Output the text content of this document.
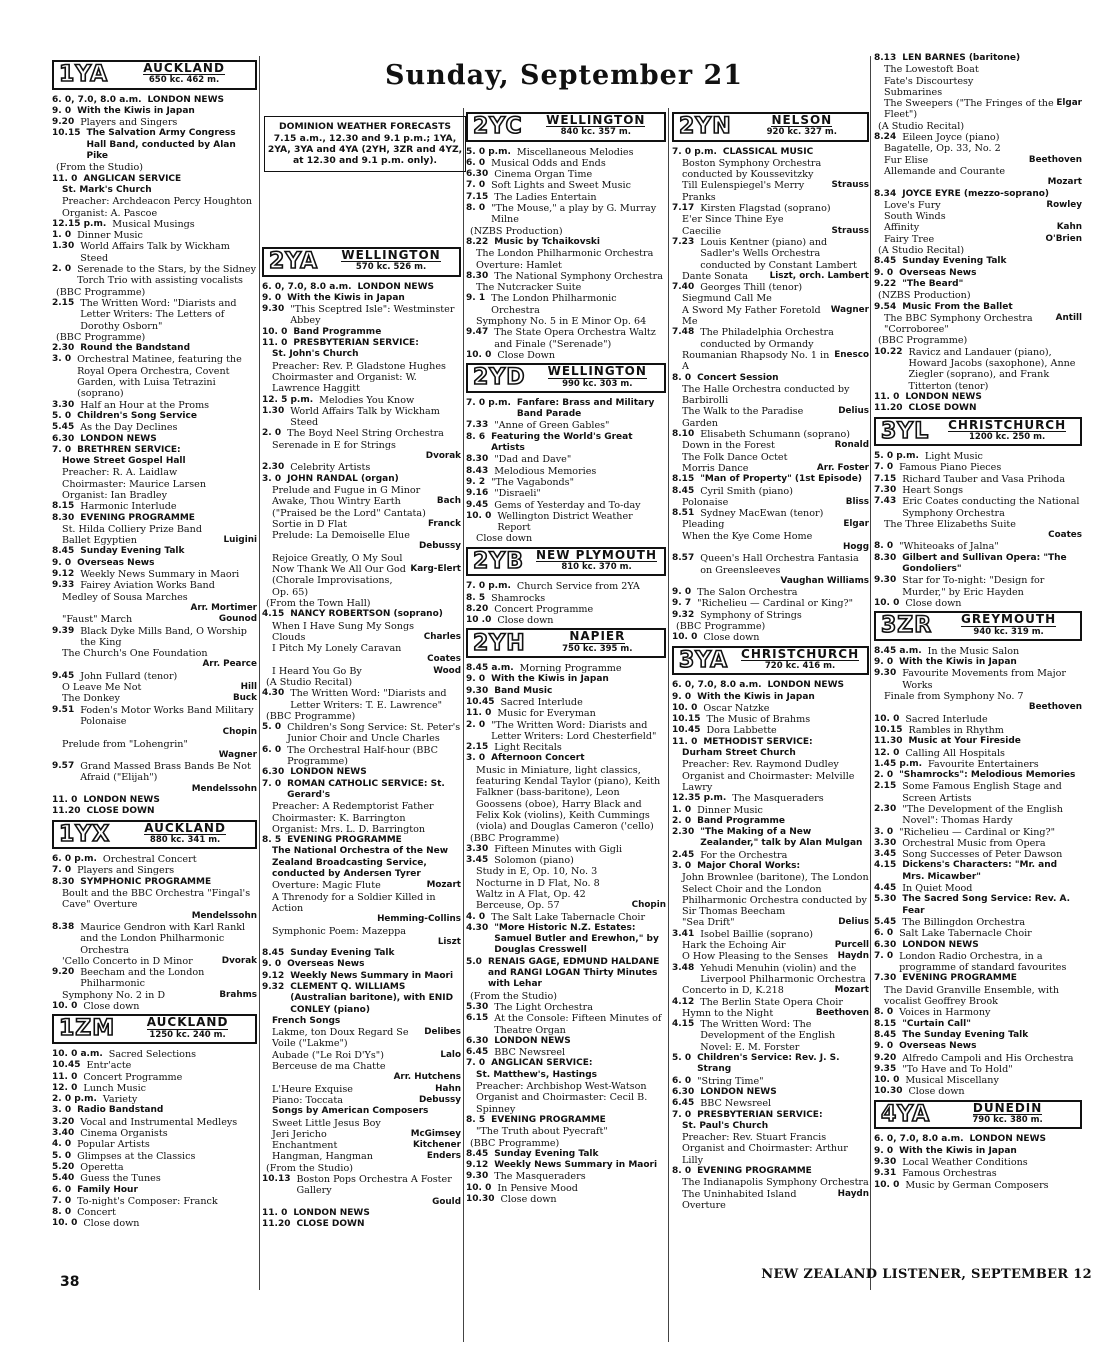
Sunday, September 21
DOMINION WEATHER FORECASTS
7.15 a.m., 12.30 and 9.1 p.m.; 1YA, 2YA, 3YA and 4YA (2YH, 3ZR and 4YZ, at 12.30 and 9.1 p.m. only).
1YA	AUCKLAND
650 kc. 462 m.
6. 0, 7.0, 8.0 a.m. LONDON NEWS
9. 0 With the Kiwis in Japan
9.20 Players and Singers
10.15 The Salvation Army Congress Hall Band, conducted by Alan Pike
(From the Studio)
11. 0 ANGLICAN SERVICE
St. Mark's Church
Preacher: Archdeacon Percy Houghton
Organist: A. Pascoe
12.15 p.m. Musical Musings
1. 0 Dinner Music
1.30 World Affairs Talk by Wickham Steed
2. 0 Serenade to the Stars, by the Sidney Torch Trio with assisting vocalists
(BBC Programme)
2.15 The Written Word: "Diarists and Letter Writers: The Letters of Dorothy Osborn"
(BBC Programme)
2.30 Round the Bandstand
3. 0 Orchestral Matinee, featuring the Royal Opera Orchestra, Covent Garden, with Luisa Tetrazini (soprano)
3.30 Half an Hour at the Proms
5. 0 Children's Song Service
5.45 As the Day Declines
6.30 LONDON NEWS
7. 0 BRETHREN SERVICE:
Howe Street Gospel Hall
Preacher: R. A. Laidlaw
Choirmaster: Maurice Larsen
Organist: Ian Bradley
8.15 Harmonic Interlude
8.30 EVENING PROGRAMME
St. Hilda Colliery Prize Band
Ballet Egyptien	Luigini
8.45 Sunday Evening Talk
9. 0 Overseas News
9.12 Weekly News Summary in Maori
9.33 Fairey Aviation Works Band
Medley of Sousa Marches
Arr. Mortimer
"Faust" March	Gounod
9.39 Black Dyke Mills Band, O Worship the King
The Church's One Foundation
Arr. Pearce
9.45 John Fullard (tenor)
O Leave Me Not	Hill
The Donkey	Buck
9.51 Foden's Motor Works Band Military Polonaise
Chopin
Prelude from "Lohengrin"
Wagner
9.57 Grand Massed Brass Bands Be Not Afraid ("Elijah")
Mendelssohn
11. 0 LONDON NEWS
11.20 CLOSE DOWN
1YX	AUCKLAND
880 kc. 341 m.
6. 0 p.m. Orchestral Concert
7. 0 Players and Singers
8.30 SYMPHONIC PROGRAMME
Boult and the BBC Orchestra "Fingal's Cave" Overture
Mendelssohn
8.38 Maurice Gendron with Karl Rankl and the London Philharmonic Orchestra
'Cello Concerto in D Minor	Dvorak
9.20 Beecham and the London Philharmonic
Symphony No. 2 in D	Brahms
10. 0 Close down
1ZM	AUCKLAND
1250 kc. 240 m.
10. 0 a.m. Sacred Selections
10.45 Entr'acte
11. 0 Concert Programme
12. 0 Lunch Music
2. 0 p.m. Variety
3. 0 Radio Bandstand
3.20 Vocal and Instrumental Medleys
3.40 Cinema Organists
4. 0 Popular Artists
5. 0 Glimpses at the Classics
5.20 Operetta
5.40 Guess the Tunes
6. 0 Family Hour
7. 0 To-night's Composer: Franck
8. 0 Concert
10. 0 Close down
2YA WELLINGTON
570 kc. 526 m.
6. 0, 7.0, 8.0 a.m. LONDON NEWS
9. 0 With the Kiwis in Japan
9.30 "This Sceptred Isle": Westminster Abbey
10. 0 Band Programme
11. 0 PRESBYTERIAN SERVICE:
St. John's Church
Preacher: Rev. P. Gladstone Hughes
Choirmaster and Organist: W. Lawrence Haggitt
12. 5 p.m. Melodies You Know
1.30 World Affairs Talk by Wickham Steed
2. 0 The Boyd Neel String Orchestra
Serenade in E for Strings
Dvorak
2.30 Celebrity Artists
3. 0 JOHN RANDAL (organ)
Prelude and Fugue in G Minor
Awake, Thou Wintry Earth ("Praised be the Lord" Cantata)
Bach
Sortie in D Flat	Franck
Prelude: La Demoiselle Elue
Debussy
Rejoice Greatly, O My Soul
Now Thank We All Our God (Chorale Improvisations, Op. 65)
Karg-Elert
(From the Town Hall)
4.15 NANCY ROBERTSON (soprano)
When I Have Sung My Songs
Clouds	Charles
I Pitch My Lonely Caravan
Coates
I Heard You Go By	Wood
(A Studio Recital)
4.30 The Written Word: "Diarists and Letter Writers: T. E. Lawrence"
(BBC Programme)
5. 0 Children's Song Service: St. Peter's Junior Choir and Uncle Charles
6. 0 The Orchestral Half-hour (BBC Programme)
6.30 LONDON NEWS
7. 0 ROMAN CATHOLIC SERVICE: St. Gerard's
Preacher: A Redemptorist Father
Choirmaster: K. Barrington
Organist: Mrs. L. D. Barrington
8. 5 EVENING PROGRAMME
The National Orchestra of the New Zealand Broadcasting Service, conducted by Andersen Tyrer
Overture: Magic Flute	Mozart
A Threnody for a Soldier Killed in Action
Hemming-Collins
Symphonic Poem: Mazeppa
Liszt
8.45 Sunday Evening Talk
9. 0 Overseas News
9.12 Weekly News Summary in Maori
9.32 CLEMENT Q. WILLIAMS (Australian baritone), with ENID CONLEY (piano)
French Songs
Lakme, ton Doux Regard Se Voile ("Lakme")
Delibes
Aubade ("Le Roi D'Ys")	Lalo
Berceuse de ma Chatte
Arr. Hutchens
L'Heure Exquise	Hahn
Piano: Toccata	Debussy
Songs by American Composers
Sweet Little Jesus Boy
Jeri Jericho	McGimsey
Enchantment	Kitchener
Hangman, Hangman	Enders
(From the Studio)
10.13 Boston Pops Orchestra A Foster Gallery
Gould
11. 0 LONDON NEWS
11.20 CLOSE DOWN
2YC WELLINGTON
840 kc. 357 m.
5. 0 p.m. Miscellaneous Melodies
6. 0 Musical Odds and Ends
6.30 Cinema Organ Time
7. 0 Soft Lights and Sweet Music
7.15 The Ladies Entertain
8. 0 "The Mouse," a play by G. Murray Milne
(NZBS Production)
8.22 Music by Tchaikovski
The London Philharmonic Orchestra
Overture: Hamlet
8.30 The National Symphony Orchestra
The Nutcracker Suite
9. 1 The London Philharmonic Orchestra
Symphony No. 5 in E Minor Op. 64
9.47 The State Opera Orchestra Waltz and Finale ("Serenade")
10. 0 Close Down
2YD WELLINGTON
990 kc. 303 m.
7. 0 p.m. Fanfare: Brass and Military Band Parade
7.33 "Anne of Green Gables"
8. 6 Featuring the World's Great Artists
8.30 "Dad and Dave"
8.43 Melodious Memories
9. 2 "The Vagabonds"
9.16 "Disraeli"
9.45 Gems of Yesterday and To-day
10. 0 Wellington District Weather Report
Close down
2YB NEW PLYMOUTH
810 kc. 370 m.
7. 0 p.m. Church Service from 2YA
8. 5 Shamrocks
8.20 Concert Programme
10 .0 Close down
2YH	NAPIER
750 kc. 395 m.
8.45 a.m. Morning Programme
9. 0 With the Kiwis in Japan
9.30 Band Music
10.45 Sacred Interlude
11. 0 Music for Everyman
2. 0 "The Written Word: Diarists and Letter Writers: Lord Chesterfield"
2.15 Light Recitals
3. 0 Afternoon Concert
Music in Miniature, light classics, featuring Kendal Taylor (piano), Keith Falkner (bass-baritone), Leon Goossens (oboe), Harry Black and Felix Kok (violins), Keith Cummings (viola) and Douglas Cameron ('cello)
(BBC Programme)
3.30 Fifteen Minutes with Gigli
3.45 Solomon (piano)
Study in E, Op. 10, No. 3
Nocturne in D Flat, No. 8
Waltz in A Flat, Op. 42
Berceuse, Op. 57	Chopin
4. 0 The Salt Lake Tabernacle Choir
4.30 "More Historic N.Z. Estates: Samuel Butler and Erewhon," by Douglas Cresswell
5.0 RENAIS GAGE, EDMUND HALDANE and RANGI LOGAN Thirty Minutes with Lehar
(From the Studio)
5.30 The Light Orchestra
6.15 At the Console: Fifteen Minutes of Theatre Organ
6.30 LONDON NEWS
6.45 BBC Newsreel
7. 0 ANGLICAN SERVICE:
St. Matthew's, Hastings
Preacher: Archbishop West-Watson
Organist and Choirmaster: Cecil B. Spinney
8. 5 EVENING PROGRAMME
"The Truth about Pyecraft"
(BBC Programme)
8.45 Sunday Evening Talk
9.12 Weekly News Summary in Maori
9.30 The Masqueraders
10. 0 In Pensive Mood
10.30 Close down
2YN	NELSON
920 kc. 327 m.
7. 0 p.m. CLASSICAL MUSIC
Boston Symphony Orchestra conducted by Koussevitzky
Till Eulenspiegel's Merry Pranks
Strauss
7.17 Kirsten Flagstad (soprano)
E'er Since Thine Eye
Caecilie	Strauss
7.23 Louis Kentner (piano) and Sadler's Wells Orchestra conducted by Constant Lambert
Dante Sonata	Liszt, orch. Lambert
7.40 Georges Thill (tenor)
Siegmund Call Me
A Sword My Father Foretold Me
Wagner
7.48 The Philadelphia Orchestra conducted by Ormandy
Roumanian Rhapsody No. 1 in A
Enesco
8. 0 Concert Session
The Halle Orchestra conducted by Barbirolli
The Walk to the Paradise Garden
Delius
8.10 Elisabeth Schumann (soprano)
Down in the Forest	Ronald
The Folk Dance Octet
Morris Dance	Arr. Foster
8.15 "Man of Property" (1st Episode)
8.45 Cyril Smith (piano)
Polonaise	Bliss
8.51 Sydney MacEwan (tenor)
Pleading	Elgar
When the Kye Come Home
Hogg
8.57 Queen's Hall Orchestra Fantasia on Greensleeves
Vaughan Williams
9. 0 The Salon Orchestra
9. 7 "Richelieu — Cardinal or King?"
9.32 Symphony of Strings
(BBC Programme)
10. 0 Close down
3YA CHRISTCHURCH
720 kc. 416 m.
6. 0, 7.0, 8.0 a.m. LONDON NEWS
9. 0 With the Kiwis in Japan
10. 0 Oscar Natzke
10.15 The Music of Brahms
10.45 Dora Labbette
11. 0 METHODIST SERVICE:
Durham Street Church
Preacher: Rev. Raymond Dudley
Organist and Choirmaster: Melville Lawry
12.35 p.m. The Masqueraders
1. 0 Dinner Music
2. 0 Band Programme
2.30 "The Making of a New Zealander," talk by Alan Mulgan
2.45 For the Orchestra
3. 0 Major Choral Works:
John Brownlee (baritone), The London Select Choir and the London Philharmonic Orchestra conducted by Sir Thomas Beecham
"Sea Drift"	Delius
3.41 Isobel Baillie (soprano)
Hark the Echoing Air	Purcell
O How Pleasing to the Senses	Haydn
3.48 Yehudi Menuhin (violin) and the Liverpool Philharmonic Orchestra
Concerto in D, K.218	Mozart
4.12 The Berlin State Opera Choir
Hymn to the Night	Beethoven
4.15 The Written Word: The Development of the English Novel: E. M. Forster
5. 0 Children's Service: Rev. J. S. Strang
6. 0 "String Time"
6.30 LONDON NEWS
6.45 BBC Newsreel
7. 0 PRESBYTERIAN SERVICE:
St. Paul's Church
Preacher: Rev. Stuart Francis
Organist and Choirmaster: Arthur Lilly
8. 0 EVENING PROGRAMME
The Indianapolis Symphony Orchestra
The Uninhabited Island Overture
Haydn
8.13 LEN BARNES (baritone)
The Lowestoft Boat
Fate's Discourtesy
Submarines
The Sweepers ("The Fringes of the Fleet")
Elgar
(A Studio Recital)
8.24 Eileen Joyce (piano)
Bagatelle, Op. 33, No. 2
Fur Elise	Beethoven
Allemande and Courante
Mozart
8.34 JOYCE EYRE (mezzo-soprano)
Love's Fury	Rowley
South Winds
Affinity	Kahn
Fairy Tree	O'Brien
(A Studio Recital)
8.45 Sunday Evening Talk
9. 0 Overseas News
9.22 "The Beard"
(NZBS Production)
9.54 Music From the Ballet
The BBC Symphony Orchestra "Corroboree"
Antill
(BBC Programme)
10.22 Ravicz and Landauer (piano), Howard Jacobs (saxophone), Anne Ziegler (soprano), and Frank Titterton (tenor)
11. 0 LONDON NEWS
11.20 CLOSE DOWN
3YL CHRISTCHURCH
1200 kc. 250 m.
5. 0 p.m. Light Music
7. 0 Famous Piano Pieces
7.15 Richard Tauber and Vasa Prihoda
7.30 Heart Songs
7.43 Eric Coates conducting the National Symphony Orchestra
The Three Elizabeths Suite
Coates
8. 0 "Whiteoaks of Jalna"
8.30 Gilbert and Sullivan Opera: "The Gondoliers"
9.30 Star for To-night: "Design for Murder," by Eric Hayden
10. 0 Close down
3ZR GREYMOUTH
940 kc. 319 m.
8.45 a.m. In the Music Salon
9. 0 With the Kiwis in Japan
9.30 Favourite Movements from Major Works
Finale from Symphony No. 7
Beethoven
10. 0 Sacred Interlude
10.15 Rambles in Rhythm
11.30 Music at Your Fireside
12. 0 Calling All Hospitals
1.45 p.m. Favourite Entertainers
2. 0 "Shamrocks": Melodious Memories
2.15 Some Famous English Stage and Screen Artists
2.30 "The Development of the English Novel": Thomas Hardy
3. 0 "Richelieu — Cardinal or King?"
3.30 Orchestral Music from Opera
3.45 Song Successes of Peter Dawson
4.15 Dickens's Characters: "Mr. and Mrs. Micawber"
4.45 In Quiet Mood
5.30 The Sacred Song Service: Rev. A. Fear
5.45 The Billingdon Orchestra
6. 0 Salt Lake Tabernacle Choir
6.30 LONDON NEWS
7. 0 London Radio Orchestra, in a programme of standard favourites
7.30 EVENING PROGRAMME
The David Granville Ensemble, with vocalist Geoffrey Brook
8. 0 Voices in Harmony
8.15 "Curtain Call"
8.45 The Sunday Evening Talk
9. 0 Overseas News
9.20 Alfredo Campoli and His Orchestra
9.35 "To Have and To Hold"
10. 0 Musical Miscellany
10.30 Close down
4YA	DUNEDIN
790 kc. 380 m.
6. 0, 7.0, 8.0 a.m. LONDON NEWS
9. 0 With the Kiwis in Japan
9.30 Local Weather Conditions
9.31 Famous Orchestras
10. 0 Music by German Composers
38	NEW ZEALAND LISTENER, SEPTEMBER 12
